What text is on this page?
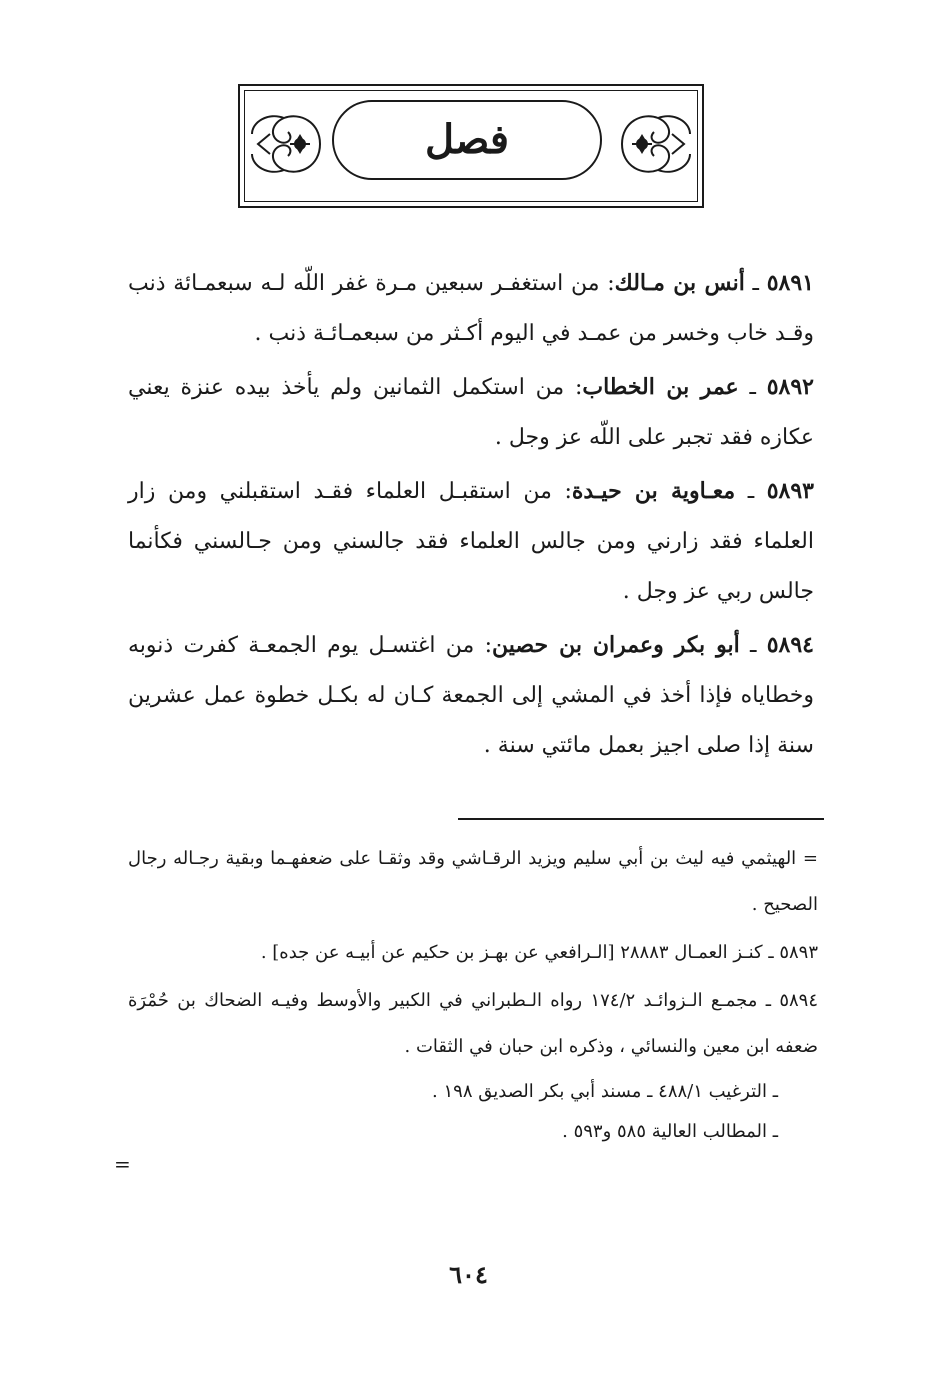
فصل

٥٨٩١ ـ أنس بن مـالك: من استغفـر سبعين مـرة غفر اللّه لـه سبعمـائة ذنب وقـد خاب وخسر من عمـد في اليوم أكـثر من سبعمـائـة ذنب .

٥٨٩٢ ـ عمر بن الخطاب: من استكمل الثمانين ولم يأخذ بيده عنزة يعني عكازه فقد تجبر على اللّه عز وجل .

٥٨٩٣ ـ معـاوية بن حيـدة: من استقبـل العلماء فقـد استقبلني ومن زار العلماء فقد زارني ومن جالس العلماء فقد جالسني ومن جـالسني فكأنما جالس ربي عز وجل .

٥٨٩٤ ـ أبو بكر وعمران بن حصين: من اغتسـل يوم الجمعـة كفرت ذنوبه وخطاياه فإذا أخذ في المشي إلى الجمعة كـان له بكـل خطوة عمل عشرين سنة إذا صلى اجيز بعمل مائتي سنة .

= الهيثمي فيه ليث بن أبي سليم ويزيد الرقـاشي وقد وثقـا على ضعفهـما وبقية رجـاله رجال الصحيح .

٥٨٩٣ ـ كنـز العمـال ٢٨٨٨٣ [الـرافعي عن بهـز بن حكيم عن أبيـه عن جده] .

٥٨٩٤ ـ مجمـع الـزوائـد ١٧٤/٢ رواه الـطبراني في الكبير والأوسط وفيـه الضحاك بن حُمْرَة ضعفه ابن معين والنسائي ، وذكره ابن حبان في الثقات .

ـ الترغيب ٤٨٨/١ ـ مسند أبي بكر الصديق ١٩٨ .

ـ المطالب العالية ٥٨٥ و٥٩٣ .

=
٦٠٤
